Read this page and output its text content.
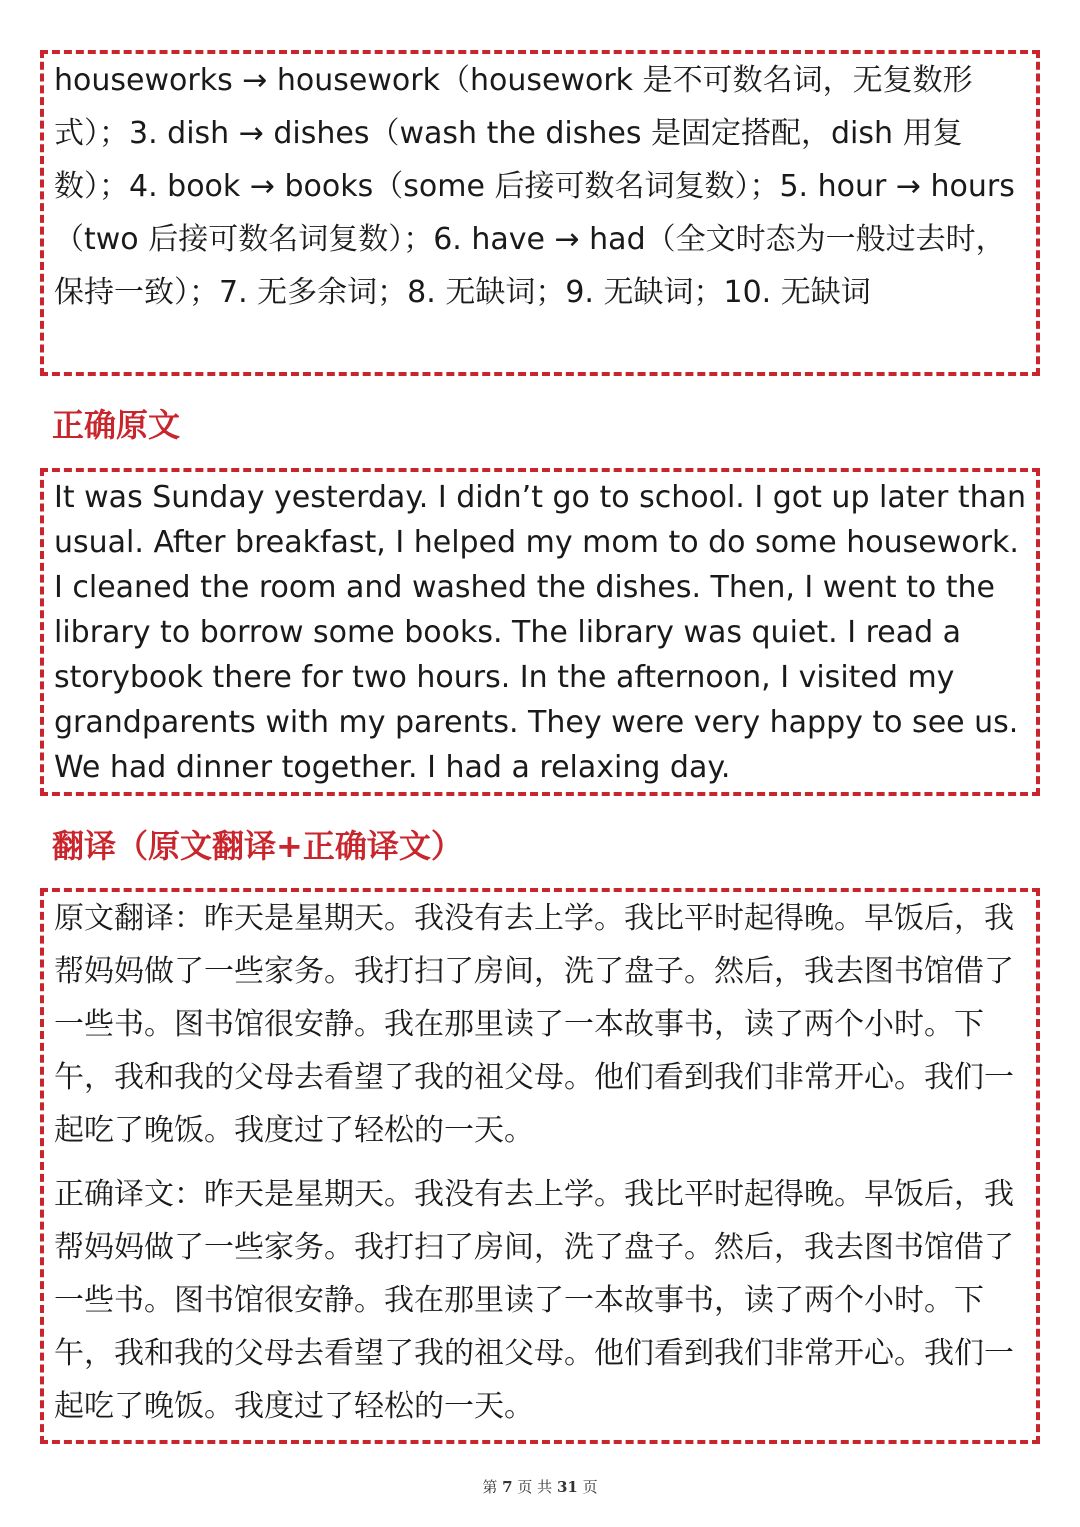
houseworks → housework（housework 是不可数名词，无复数形式）；3. dish → dishes（wash the dishes 是固定搭配，dish 用复数）；4. book → books（some 后接可数名词复数）；5. hour → hours（two 后接可数名词复数）；6. have → had（全文时态为一般过去时，保持一致）；7. 无多余词；8. 无缺词；9. 无缺词；10. 无缺词

正确原文

It was Sunday yesterday. I didn’t go to school. I got up later than usual. After breakfast, I helped my mom to do some housework. I cleaned the room and washed the dishes. Then, I went to the library to borrow some books. The library was quiet. I read a storybook there for two hours. In the afternoon, I visited my grandparents with my parents. They were very happy to see us. We had dinner together. I had a relaxing day.

翻译（原文翻译+正确译文）

原文翻译：昨天是星期天。我没有去上学。我比平时起得晚。早饭后，我帮妈妈做了一些家务。我打扫了房间，洗了盘子。然后，我去图书馆借了一些书。图书馆很安静。我在那里读了一本故事书，读了两个小时。下午，我和我的父母去看望了我的祖父母。他们看到我们非常开心。我们一起吃了晚饭。我度过了轻松的一天。

正确译文：昨天是星期天。我没有去上学。我比平时起得晚。早饭后，我帮妈妈做了一些家务。我打扫了房间，洗了盘子。然后，我去图书馆借了一些书。图书馆很安静。我在那里读了一本故事书，读了两个小时。下午，我和我的父母去看望了我的祖父母。他们看到我们非常开心。我们一起吃了晚饭。我度过了轻松的一天。

第 7 页 共 31 页
